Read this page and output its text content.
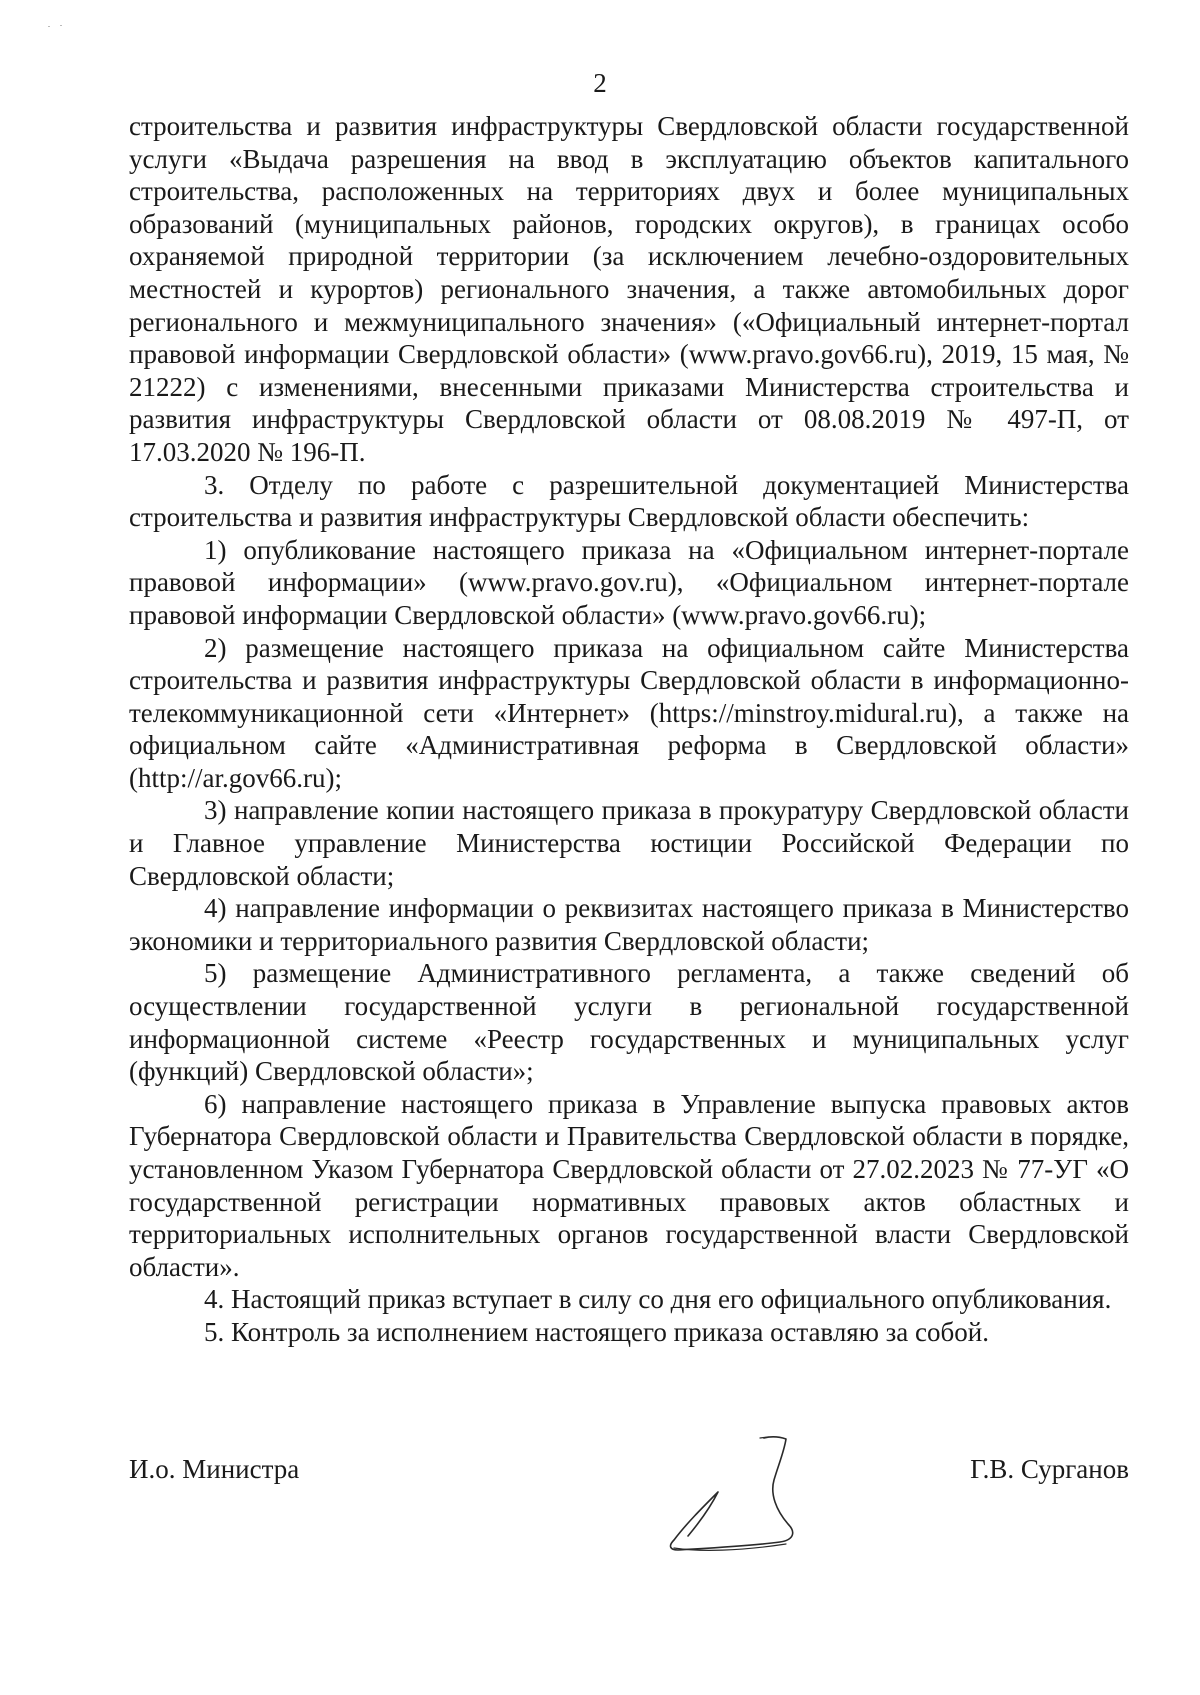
2

строительства и развития инфраструктуры Свердловской области государственной услуги «Выдача разрешения на ввод в эксплуатацию объектов капитального строительства, расположенных на территориях двух и более муниципальных образований (муниципальных районов, городских округов), в границах особо охраняемой природной территории (за исключением лечебно-оздоровительных местностей и курортов) регионального значения, а также автомобильных дорог регионального и межмуниципального значения» («Официальный интернет-портал правовой информации Свердловской области» (www.pravo.gov66.ru), 2019, 15 мая, № 21222) с изменениями, внесенными приказами Министерства строительства и развития инфраструктуры Свердловской области от 08.08.2019 № 497-П, от 17.03.2020 № 196-П.

3. Отделу по работе с разрешительной документацией Министерства строительства и развития инфраструктуры Свердловской области обеспечить:

1) опубликование настоящего приказа на «Официальном интернет-портале правовой информации» (www.pravo.gov.ru), «Официальном интернет-портале правовой информации Свердловской области» (www.pravo.gov66.ru);

2) размещение настоящего приказа на официальном сайте Министерства строительства и развития инфраструктуры Свердловской области в информационно-телекоммуникационной сети «Интернет» (https://minstroy.midural.ru), а также на официальном сайте «Административная реформа в Свердловской области» (http://ar.gov66.ru);

3) направление копии настоящего приказа в прокуратуру Свердловской области и Главное управление Министерства юстиции Российской Федерации по Свердловской области;

4) направление информации о реквизитах настоящего приказа в Министерство экономики и территориального развития Свердловской области;

5) размещение Административного регламента, а также сведений об осуществлении государственной услуги в региональной государственной информационной системе «Реестр государственных и муниципальных услуг (функций) Свердловской области»;

6) направление настоящего приказа в Управление выпуска правовых актов Губернатора Свердловской области и Правительства Свердловской области в порядке, установленном Указом Губернатора Свердловской области от 27.02.2023 № 77-УГ «О государственной регистрации нормативных правовых актов областных и территориальных исполнительных органов государственной власти Свердловской области».

4. Настоящий приказ вступает в силу со дня его официального опубликования.

5. Контроль за исполнением настоящего приказа оставляю за собой.

И.о. Министра	Г.В. Сурганов
